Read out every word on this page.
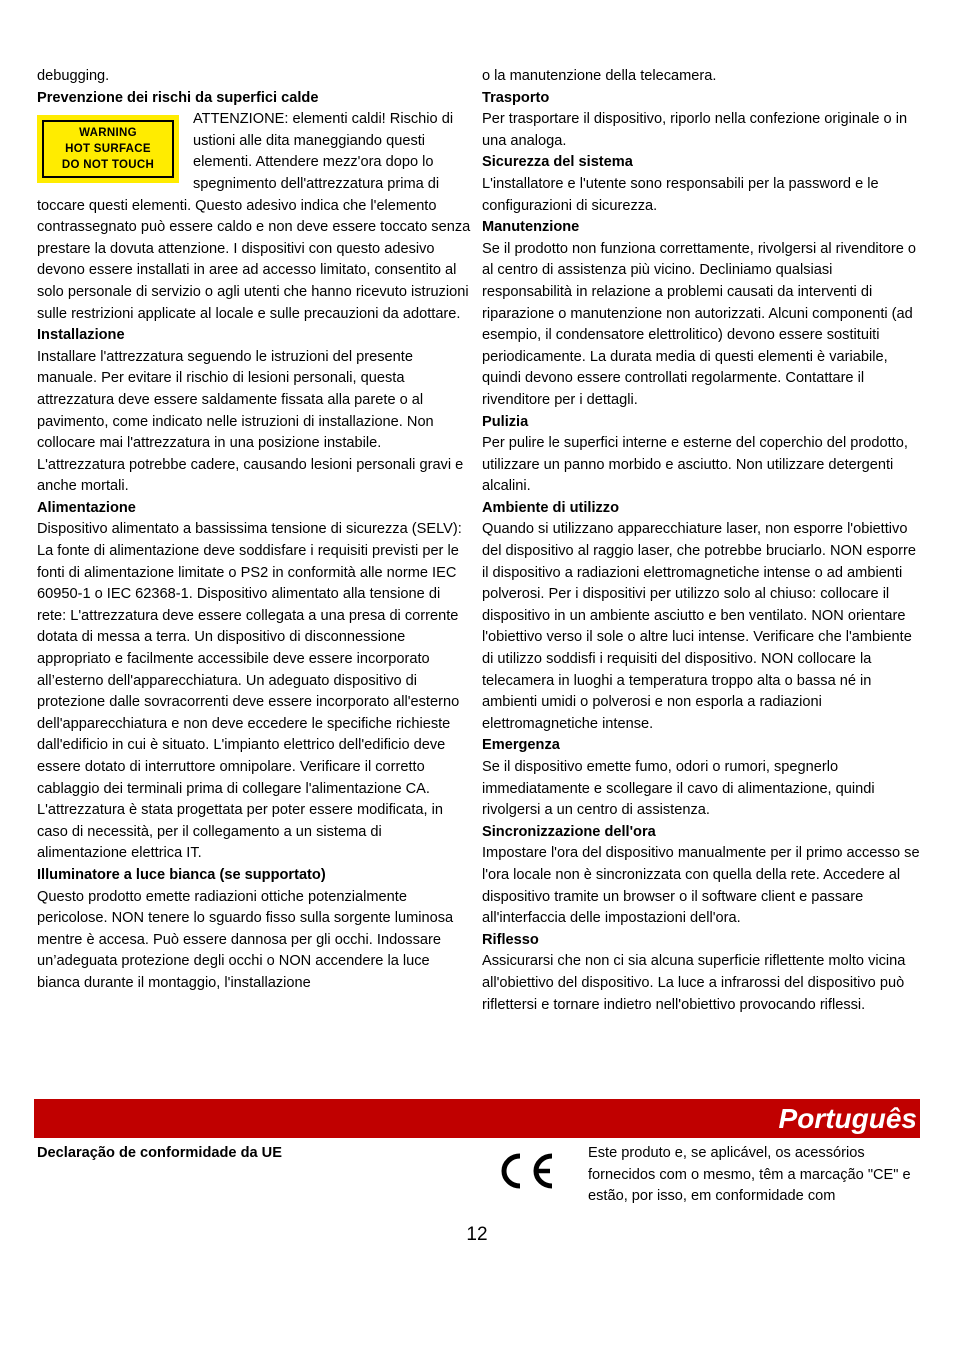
debugging.

Prevenzione dei rischi da superfici calde
WARNING
HOT SURFACE
DO NOT TOUCH

ATTENZIONE: elementi caldi! Rischio di ustioni alle dita maneggiando questi elementi. Attendere mezz'ora dopo lo spegnimento dell'attrezzatura prima di toccare questi elementi. Questo adesivo indica che l'elemento contrassegnato può essere caldo e non deve essere toccato senza prestare la dovuta attenzione. I dispositivi con questo adesivo devono essere installati in aree ad accesso limitato, consentito al solo personale di servizio o agli utenti che hanno ricevuto istruzioni sulle restrizioni applicate al locale e sulle precauzioni da adottare.

Installazione

Installare l'attrezzatura seguendo le istruzioni del presente manuale. Per evitare il rischio di lesioni personali, questa attrezzatura deve essere saldamente fissata alla parete o al pavimento, come indicato nelle istruzioni di installazione. Non collocare mai l'attrezzatura in una posizione instabile. L'attrezzatura potrebbe cadere, causando lesioni personali gravi e anche mortali.

Alimentazione

Dispositivo alimentato a bassissima tensione di sicurezza (SELV): La fonte di alimentazione deve soddisfare i requisiti previsti per le fonti di alimentazione limitate o PS2 in conformità alle norme IEC 60950-1 o IEC 62368-1. Dispositivo alimentato alla tensione di rete: L'attrezzatura deve essere collegata a una presa di corrente dotata di messa a terra. Un dispositivo di disconnessione appropriato e facilmente accessibile deve essere incorporato all’esterno dell'apparecchiatura. Un adeguato dispositivo di protezione dalle sovracorrenti deve essere incorporato all'esterno dell'apparecchiatura e non deve eccedere le specifiche richieste dall'edificio in cui è situato. L'impianto elettrico dell'edificio deve essere dotato di interruttore omnipolare. Verificare il corretto cablaggio dei terminali prima di collegare l'alimentazione CA. L'attrezzatura è stata progettata per poter essere modificata, in caso di necessità, per il collegamento a un sistema di alimentazione elettrica IT.

Illuminatore a luce bianca (se supportato)

Questo prodotto emette radiazioni ottiche potenzialmente pericolose. NON tenere lo sguardo fisso sulla sorgente luminosa mentre è accesa. Può essere dannosa per gli occhi. Indossare un’adeguata protezione degli occhi o NON accendere la luce bianca durante il montaggio, l'installazione

o la manutenzione della telecamera.

Trasporto

Per trasportare il dispositivo, riporlo nella confezione originale o in una analoga.

Sicurezza del sistema

L'installatore e l'utente sono responsabili per la password e le configurazioni di sicurezza.

Manutenzione

Se il prodotto non funziona correttamente, rivolgersi al rivenditore o al centro di assistenza più vicino. Decliniamo qualsiasi responsabilità in relazione a problemi causati da interventi di riparazione o manutenzione non autorizzati. Alcuni componenti (ad esempio, il condensatore elettrolitico) devono essere sostituiti periodicamente. La durata media di questi elementi è variabile, quindi devono essere controllati regolarmente. Contattare il rivenditore per i dettagli.

Pulizia

Per pulire le superfici interne e esterne del coperchio del prodotto, utilizzare un panno morbido e asciutto. Non utilizzare detergenti alcalini.

Ambiente di utilizzo

Quando si utilizzano apparecchiature laser, non esporre l'obiettivo del dispositivo al raggio laser, che potrebbe bruciarlo. NON esporre il dispositivo a radiazioni elettromagnetiche intense o ad ambienti polverosi. Per i dispositivi per utilizzo solo al chiuso: collocare il dispositivo in un ambiente asciutto e ben ventilato. NON orientare l'obiettivo verso il sole o altre luci intense. Verificare che l'ambiente di utilizzo soddisfi i requisiti del dispositivo. NON collocare la telecamera in luoghi a temperatura troppo alta o bassa né in ambienti umidi o polverosi e non esporla a radiazioni elettromagnetiche intense.

Emergenza

Se il dispositivo emette fumo, odori o rumori, spegnerlo immediatamente e scollegare il cavo di alimentazione, quindi rivolgersi a un centro di assistenza.

Sincronizzazione dell'ora

Impostare l'ora del dispositivo manualmente per il primo accesso se l'ora locale non è sincronizzata con quella della rete. Accedere al dispositivo tramite un browser o il software client e passare all'interfaccia delle impostazioni dell'ora.

Riflesso

Assicurarsi che non ci sia alcuna superficie riflettente molto vicina all'obiettivo del dispositivo. La luce a infrarossi del dispositivo può riflettersi e tornare indietro nell'obiettivo provocando riflessi.

Português
Declaração de conformidade da UE	Este produto e, se aplicável, os acessórios fornecidos com o mesmo, têm a marcação "CE" e estão, por isso, em conformidade com
12
